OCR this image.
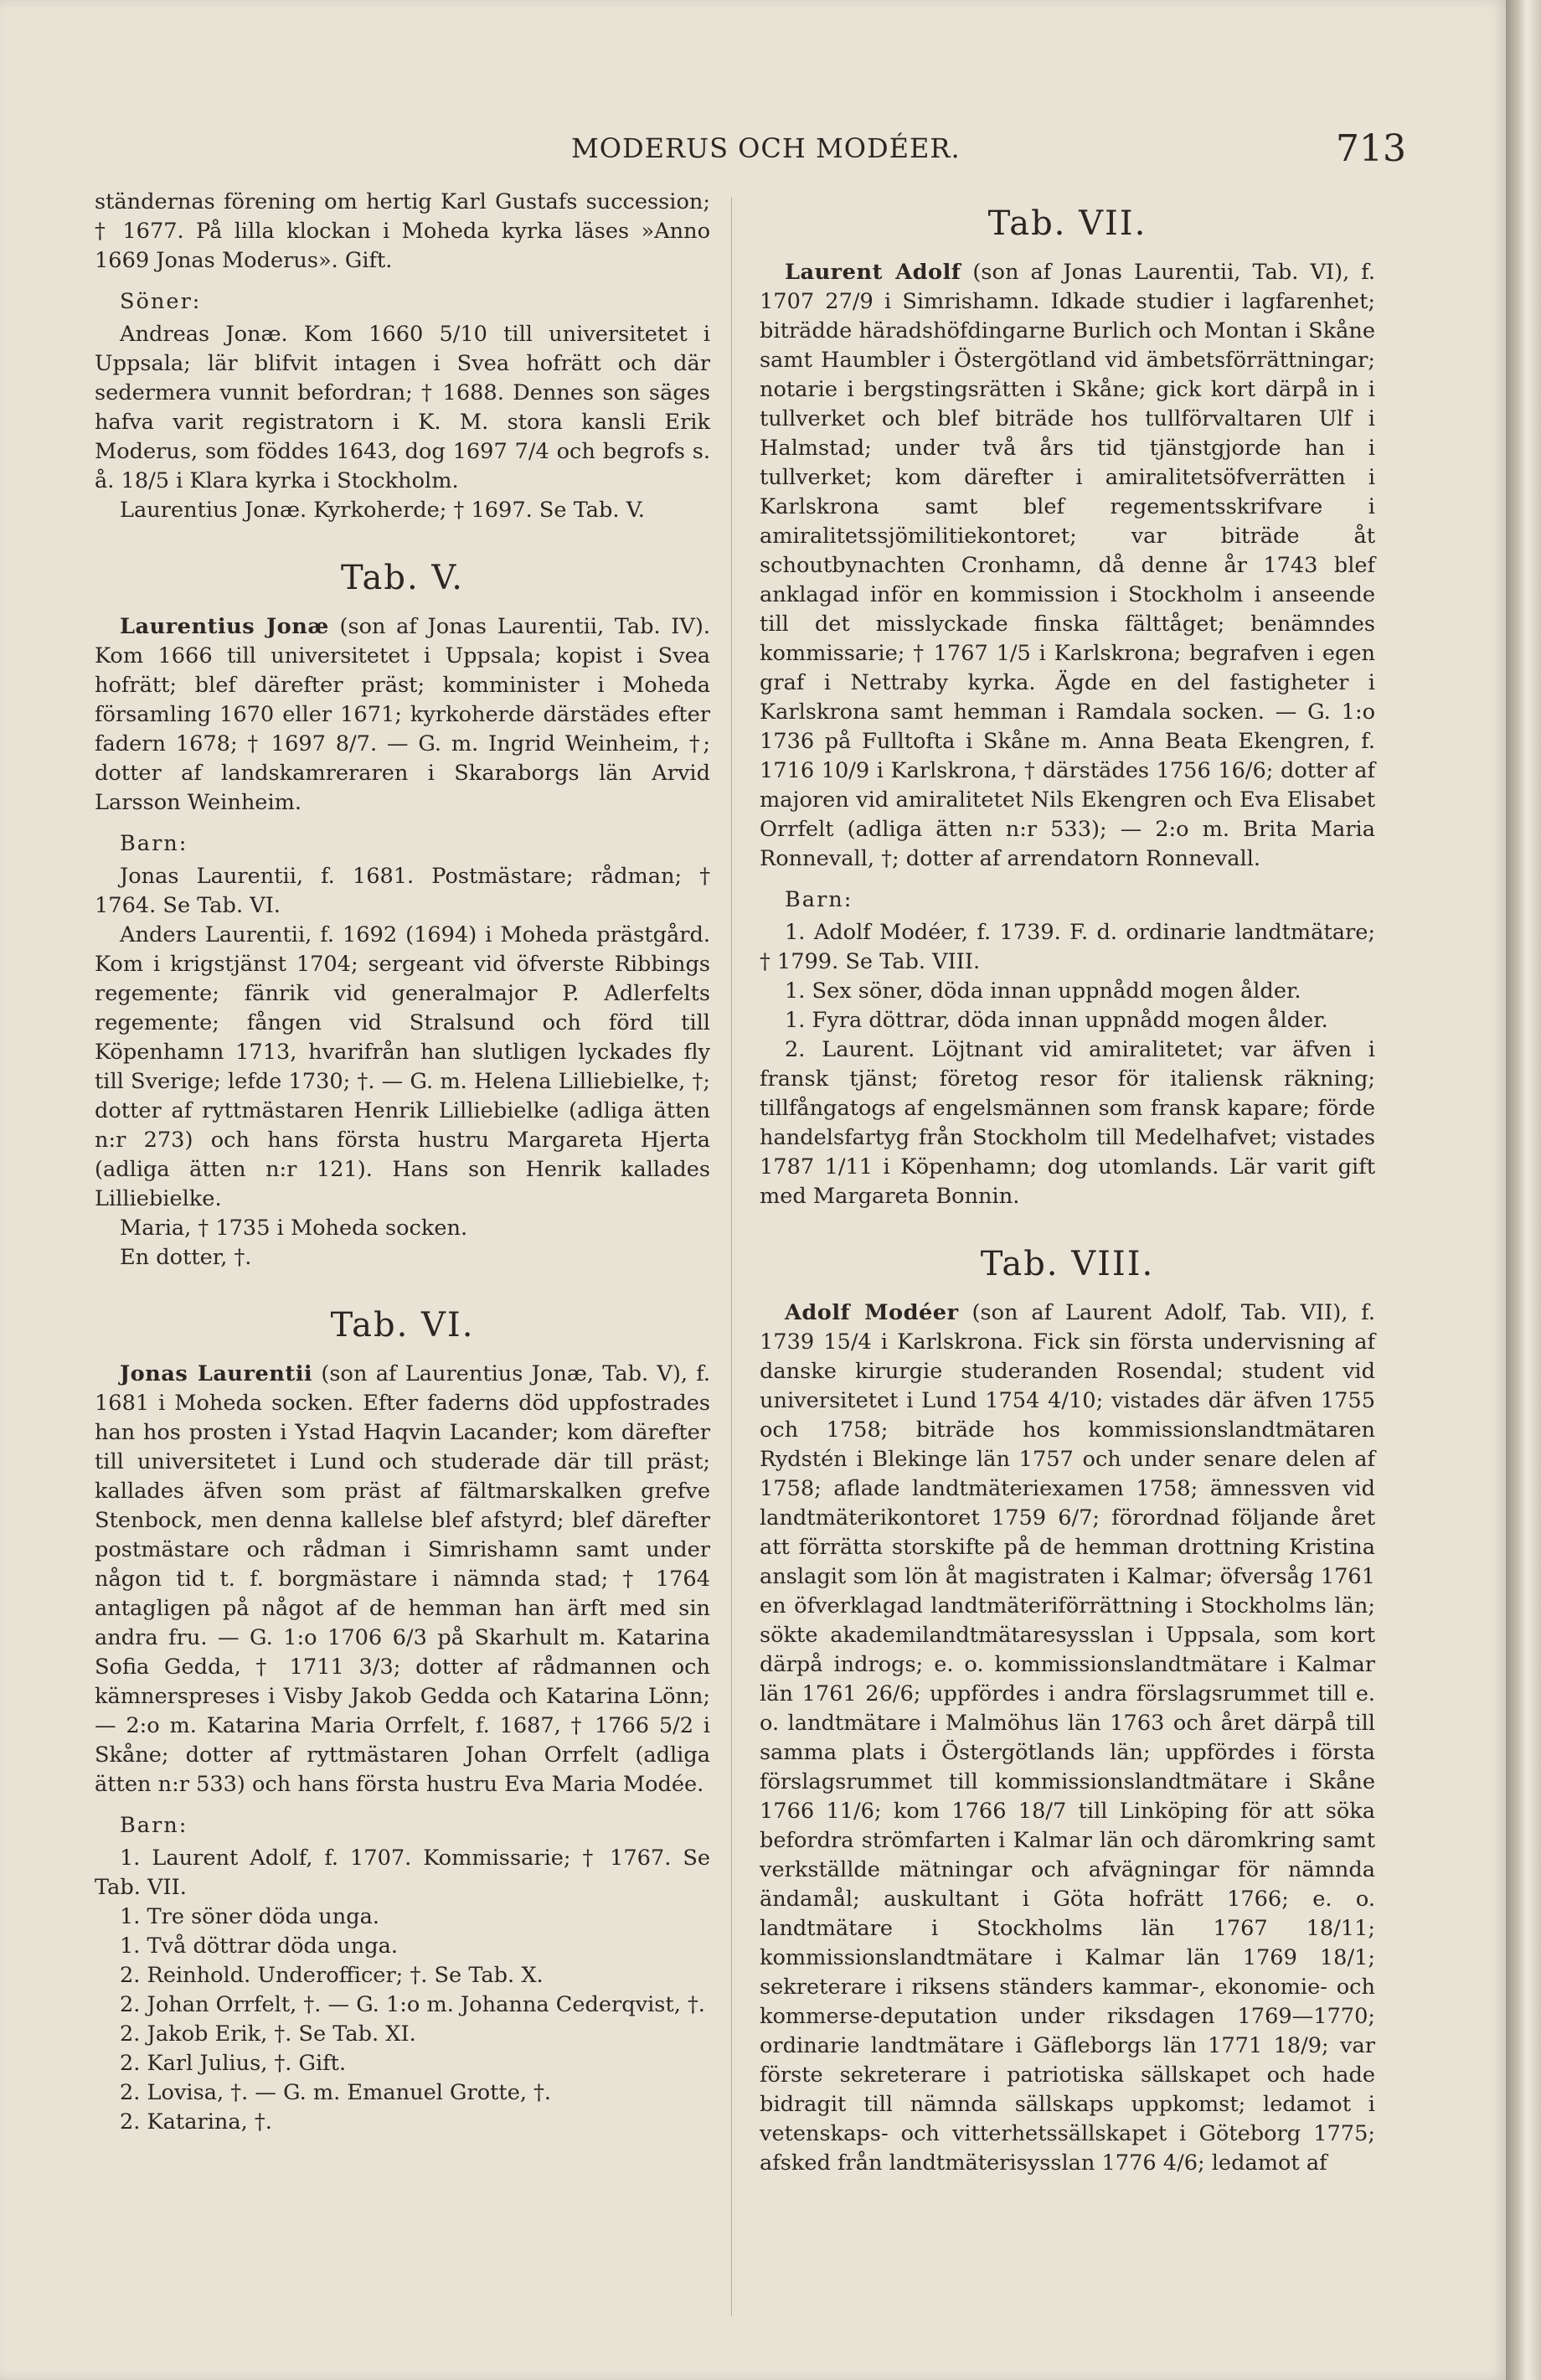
MODERUS OCH MODÉER.	713

ständernas förening om hertig Karl Gustafs succession; † 1677. På lilla klockan i Moheda kyrka läses »Anno 1669 Jonas Moderus». Gift.

Söner:

Andreas Jonæ. Kom 1660 5/10 till universitetet i Uppsala; lär blifvit intagen i Svea hofrätt och där sedermera vunnit befordran; † 1688. Dennes son säges hafva varit registratorn i K. M. stora kansli Erik Moderus, som föddes 1643, dog 1697 7/4 och begrofs s. å. 18/5 i Klara kyrka i Stockholm.

Laurentius Jonæ. Kyrkoherde; † 1697. Se Tab. V.

Tab. V.

Laurentius Jonæ (son af Jonas Laurentii, Tab. IV). Kom 1666 till universitetet i Uppsala; kopist i Svea hofrätt; blef därefter präst; komminister i Moheda församling 1670 eller 1671; kyrkoherde därstädes efter fadern 1678; † 1697 8/7. — G. m. Ingrid Weinheim, †; dotter af landskamreraren i Skaraborgs län Arvid Larsson Weinheim.

Barn:

Jonas Laurentii, f. 1681. Postmästare; rådman; † 1764. Se Tab. VI.

Anders Laurentii, f. 1692 (1694) i Moheda prästgård. Kom i krigstjänst 1704; sergeant vid öfverste Ribbings regemente; fänrik vid generalmajor P. Adlerfelts regemente; fången vid Stralsund och förd till Köpenhamn 1713, hvarifrån han slutligen lyckades fly till Sverige; lefde 1730; †. — G. m. Helena Lilliebielke, †; dotter af ryttmästaren Henrik Lilliebielke (adliga ätten n:r 273) och hans första hustru Margareta Hjerta (adliga ätten n:r 121). Hans son Henrik kallades Lilliebielke.

Maria, † 1735 i Moheda socken.

En dotter, †.

Tab. VI.

Jonas Laurentii (son af Laurentius Jonæ, Tab. V), f. 1681 i Moheda socken. Efter faderns död uppfostrades han hos prosten i Ystad Haqvin Lacander; kom därefter till universitetet i Lund och studerade där till präst; kallades äfven som präst af fältmarskalken grefve Stenbock, men denna kallelse blef afstyrd; blef därefter postmästare och rådman i Simrishamn samt under någon tid t. f. borgmästare i nämnda stad; † 1764 antagligen på något af de hemman han ärft med sin andra fru. — G. 1:o 1706 6/3 på Skarhult m. Katarina Sofia Gedda, † 1711 3/3; dotter af rådmannen och kämnerspreses i Visby Jakob Gedda och Katarina Lönn; — 2:o m. Katarina Maria Orrfelt, f. 1687, † 1766 5/2 i Skåne; dotter af ryttmästaren Johan Orrfelt (adliga ätten n:r 533) och hans första hustru Eva Maria Modée.

Barn:

1. Laurent Adolf, f. 1707. Kommissarie; † 1767. Se Tab. VII.

1. Tre söner döda unga.

1. Två döttrar döda unga.

2. Reinhold. Underofficer; †. Se Tab. X.

2. Johan Orrfelt, †. — G. 1:o m. Johanna Cederqvist, †.

2. Jakob Erik, †. Se Tab. XI.

2. Karl Julius, †. Gift.

2. Lovisa, †. — G. m. Emanuel Grotte, †.

2. Katarina, †.

Tab. VII.

Laurent Adolf (son af Jonas Laurentii, Tab. VI), f. 1707 27/9 i Simrishamn. Idkade studier i lagfarenhet; biträdde häradshöfdingarne Burlich och Montan i Skåne samt Haumbler i Östergötland vid ämbetsförrättningar; notarie i bergstingsrätten i Skåne; gick kort därpå in i tullverket och blef biträde hos tullförvaltaren Ulf i Halmstad; under två års tid tjänstgjorde han i tullverket; kom därefter i amiralitetsöfverrätten i Karlskrona samt blef regementsskrifvare i amiralitetssjömilitiekontoret; var biträde åt schoutbynachten Cronhamn, då denne år 1743 blef anklagad inför en kommission i Stockholm i anseende till det misslyckade finska fälttåget; benämndes kommissarie; † 1767 1/5 i Karlskrona; begrafven i egen graf i Nettraby kyrka. Ägde en del fastigheter i Karlskrona samt hemman i Ramdala socken. — G. 1:o 1736 på Fulltofta i Skåne m. Anna Beata Ekengren, f. 1716 10/9 i Karlskrona, † därstädes 1756 16/6; dotter af majoren vid amiralitetet Nils Ekengren och Eva Elisabet Orrfelt (adliga ätten n:r 533); — 2:o m. Brita Maria Ronnevall, †; dotter af arrendatorn Ronnevall.

Barn:

1. Adolf Modéer, f. 1739. F. d. ordinarie landtmätare; † 1799. Se Tab. VIII.

1. Sex söner, döda innan uppnådd mogen ålder.

1. Fyra döttrar, döda innan uppnådd mogen ålder.

2. Laurent. Löjtnant vid amiralitetet; var äfven i fransk tjänst; företog resor för italiensk räkning; tillfångatogs af engelsmännen som fransk kapare; förde handelsfartyg från Stockholm till Medelhafvet; vistades 1787 1/11 i Köpenhamn; dog utomlands. Lär varit gift med Margareta Bonnin.

Tab. VIII.

Adolf Modéer (son af Laurent Adolf, Tab. VII), f. 1739 15/4 i Karlskrona. Fick sin första undervisning af danske kirurgie studeranden Rosendal; student vid universitetet i Lund 1754 4/10; vistades där äfven 1755 och 1758; biträde hos kommissionslandtmätaren Rydstén i Blekinge län 1757 och under senare delen af 1758; aflade landtmäteriexamen 1758; ämnessven vid landtmäterikontoret 1759 6/7; förordnad följande året att förrätta storskifte på de hemman drottning Kristina anslagit som lön åt magistraten i Kalmar; öfversåg 1761 en öfverklagad landtmäteriförrättning i Stockholms län; sökte akademilandtmätaresysslan i Uppsala, som kort därpå indrogs; e. o. kommissionslandtmätare i Kalmar län 1761 26/6; uppfördes i andra förslagsrummet till e. o. landtmätare i Malmöhus län 1763 och året därpå till samma plats i Östergötlands län; uppfördes i första förslagsrummet till kommissionslandtmätare i Skåne 1766 11/6; kom 1766 18/7 till Linköping för att söka befordra strömfarten i Kalmar län och däromkring samt verkställde mätningar och afvägningar för nämnda ändamål; auskultant i Göta hofrätt 1766; e. o. landtmätare i Stockholms län 1767 18/11; kommissionslandtmätare i Kalmar län 1769 18/1; sekreterare i riksens ständers kammar-, ekonomie- och kommerse-deputation under riksdagen 1769—1770; ordinarie landtmätare i Gäfleborgs län 1771 18/9; var förste sekreterare i patriotiska sällskapet och hade bidragit till nämnda sällskaps uppkomst; ledamot i vetenskaps- och vitterhetssällskapet i Göteborg 1775; afsked från landtmäterisysslan 1776 4/6; ledamot af
